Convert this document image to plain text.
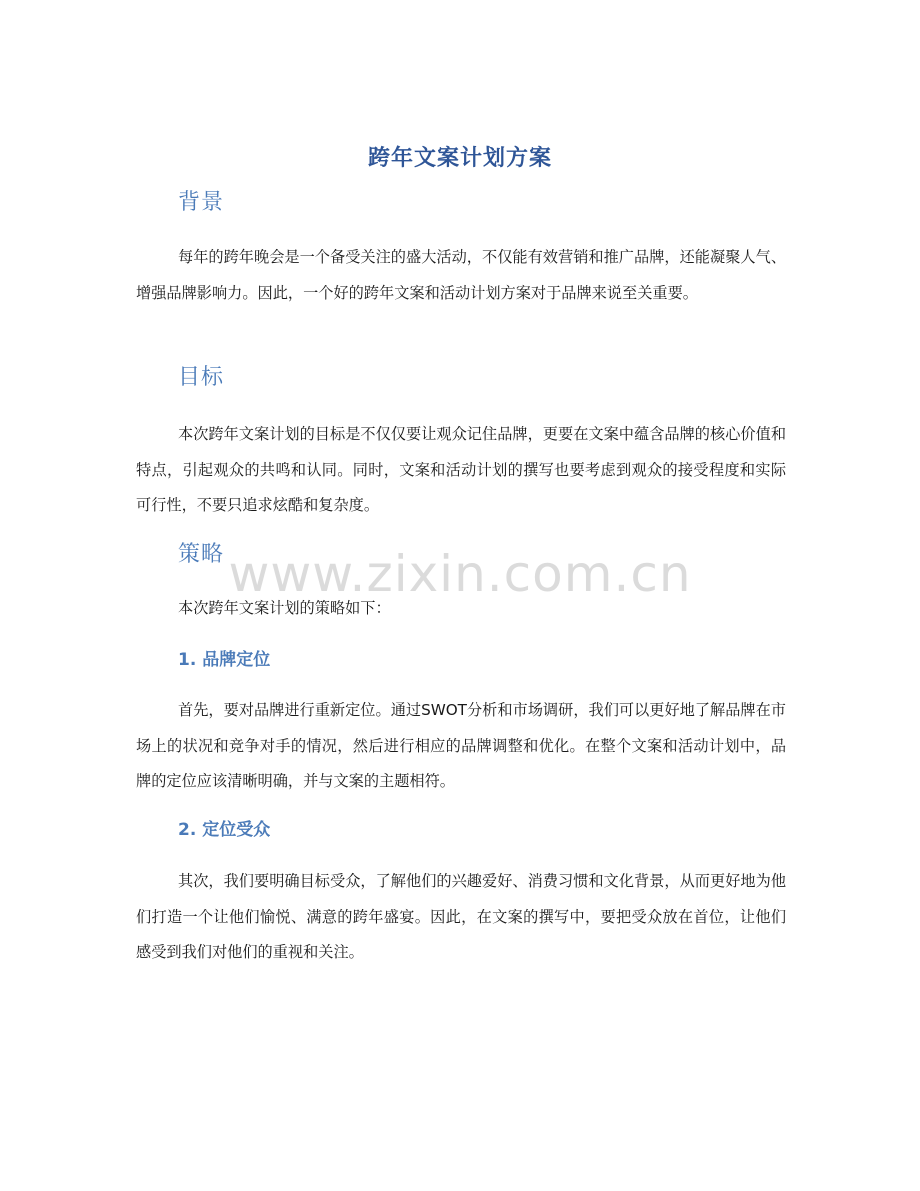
跨年文案计划方案
背景
每年的跨年晚会是一个备受关注的盛大活动，不仅能有效营销和推广品牌，还能凝聚人气、增强品牌影响力。因此，一个好的跨年文案和活动计划方案对于品牌来说至关重要。
目标
本次跨年文案计划的目标是不仅仅要让观众记住品牌，更要在文案中蕴含品牌的核心价值和特点，引起观众的共鸣和认同。同时，文案和活动计划的撰写也要考虑到观众的接受程度和实际可行性，不要只追求炫酷和复杂度。
策略
本次跨年文案计划的策略如下：
1. 品牌定位
首先，要对品牌进行重新定位。通过SWOT分析和市场调研，我们可以更好地了解品牌在市场上的状况和竞争对手的情况，然后进行相应的品牌调整和优化。在整个文案和活动计划中，品牌的定位应该清晰明确，并与文案的主题相符。
2. 定位受众
其次，我们要明确目标受众，了解他们的兴趣爱好、消费习惯和文化背景，从而更好地为他们打造一个让他们愉悦、满意的跨年盛宴。因此，在文案的撰写中，要把受众放在首位，让他们感受到我们对他们的重视和关注。
www.zixin.com.cn
